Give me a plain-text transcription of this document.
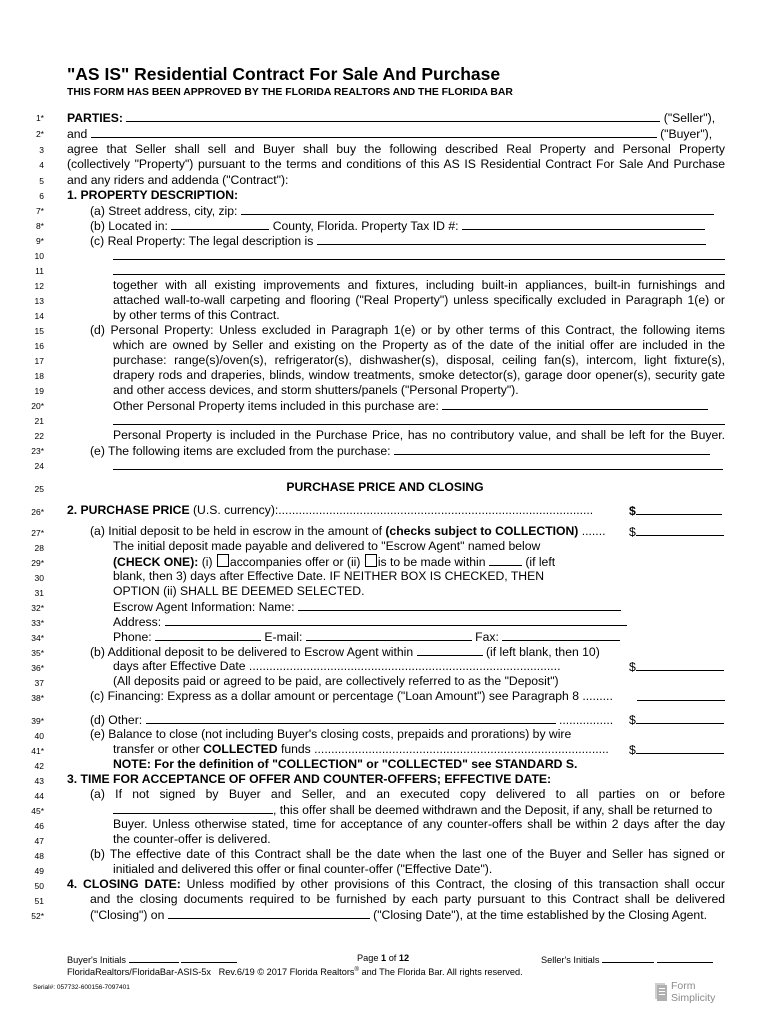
"AS IS" Residential Contract For Sale And Purchase
THIS FORM HAS BEEN APPROVED BY THE FLORIDA REALTORS AND THE FLORIDA BAR
1*
2*
3
4
5
6
7*
8*
9*
10
11
12
13
14
15
16
17
18
19
20*
21
22
23*
24
25
26*
27*
28
29*
30
31
32*
33*
34*
35*
36*
37
38*
39*
40
41*
42
43
44
45*
46
47
48
49
50
51
52*
PARTIES:	("Seller"),
and	("Buyer"),
agree that Seller shall sell and Buyer shall buy the following described Real Property and Personal Property
(collectively "Property") pursuant to the terms and conditions of this AS IS Residential Contract For Sale And Purchase
and any riders and addenda ("Contract"):
1. PROPERTY DESCRIPTION:
(a) Street address, city, zip:
(b) Located in:	County, Florida. Property Tax ID #:
(c) Real Property: The legal description is
together with all existing improvements and fixtures, including built-in appliances, built-in furnishings and
attached wall-to-wall carpeting and flooring ("Real Property") unless specifically excluded in Paragraph 1(e) or
by other terms of this Contract.
(d) Personal Property: Unless excluded in Paragraph 1(e) or by other terms of this Contract, the following items
which are owned by Seller and existing on the Property as of the date of the initial offer are included in the
purchase: range(s)/oven(s), refrigerator(s), dishwasher(s), disposal, ceiling fan(s), intercom, light fixture(s),
drapery rods and draperies, blinds, window treatments, smoke detector(s), garage door opener(s), security gate
and other access devices, and storm shutters/panels ("Personal Property").
Other Personal Property items included in this purchase are:
Personal Property is included in the Purchase Price, has no contributory value, and shall be left for the Buyer.
(e) The following items are excluded from the purchase:
PURCHASE PRICE AND CLOSING
2. PURCHASE PRICE (U.S. currency):.............................................................................................	$
(a) Initial deposit to be held in escrow in the amount of (checks subject to COLLECTION) ....... $
The initial deposit made payable and delivered to "Escrow Agent" named below
(CHECK ONE): (i) accompanies offer or (ii) is to be made within	(if left
blank, then 3) days after Effective Date. IF NEITHER BOX IS CHECKED, THEN
OPTION (ii) SHALL BE DEEMED SELECTED.
Escrow Agent Information: Name:
Address:
Phone:	E-mail:	Fax:
(b) Additional deposit to be delivered to Escrow Agent within	(if left blank, then 10)
days after Effective Date ............................................................................................	$
(All deposits paid or agreed to be paid, are collectively referred to as the "Deposit")
(c) Financing: Express as a dollar amount or percentage ("Loan Amount") see Paragraph 8 .........
(d) Other:	................ $
(e) Balance to close (not including Buyer's closing costs, prepaids and prorations) by wire
transfer or other COLLECTED funds ....................................................................................... $
NOTE: For the definition of "COLLECTION" or "COLLECTED" see STANDARD S.
3. TIME FOR ACCEPTANCE OF OFFER AND COUNTER-OFFERS; EFFECTIVE DATE:
(a) If not signed by Buyer and Seller, and an executed copy delivered to all parties on or before
, this offer shall be deemed withdrawn and the Deposit, if any, shall be returned to
Buyer. Unless otherwise stated, time for acceptance of any counter-offers shall be within 2 days after the day
the counter-offer is delivered.
(b) The effective date of this Contract shall be the date when the last one of the Buyer and Seller has signed or
initialed and delivered this offer or final counter-offer ("Effective Date").
4. CLOSING DATE: Unless modified by other provisions of this Contract, the closing of this transaction shall occur
and the closing documents required to be furnished by each party pursuant to this Contract shall be delivered
("Closing") on	("Closing Date"), at the time established by the Closing Agent.
Buyer's Initials	Page 1 of 12	Seller's Initials
FloridaRealtors/FloridaBar-ASIS-5x Rev.6/19 © 2017 Florida Realtors® and The Florida Bar. All rights reserved.
Serial#: 057732-600156-7097401	Form
Simplicity
